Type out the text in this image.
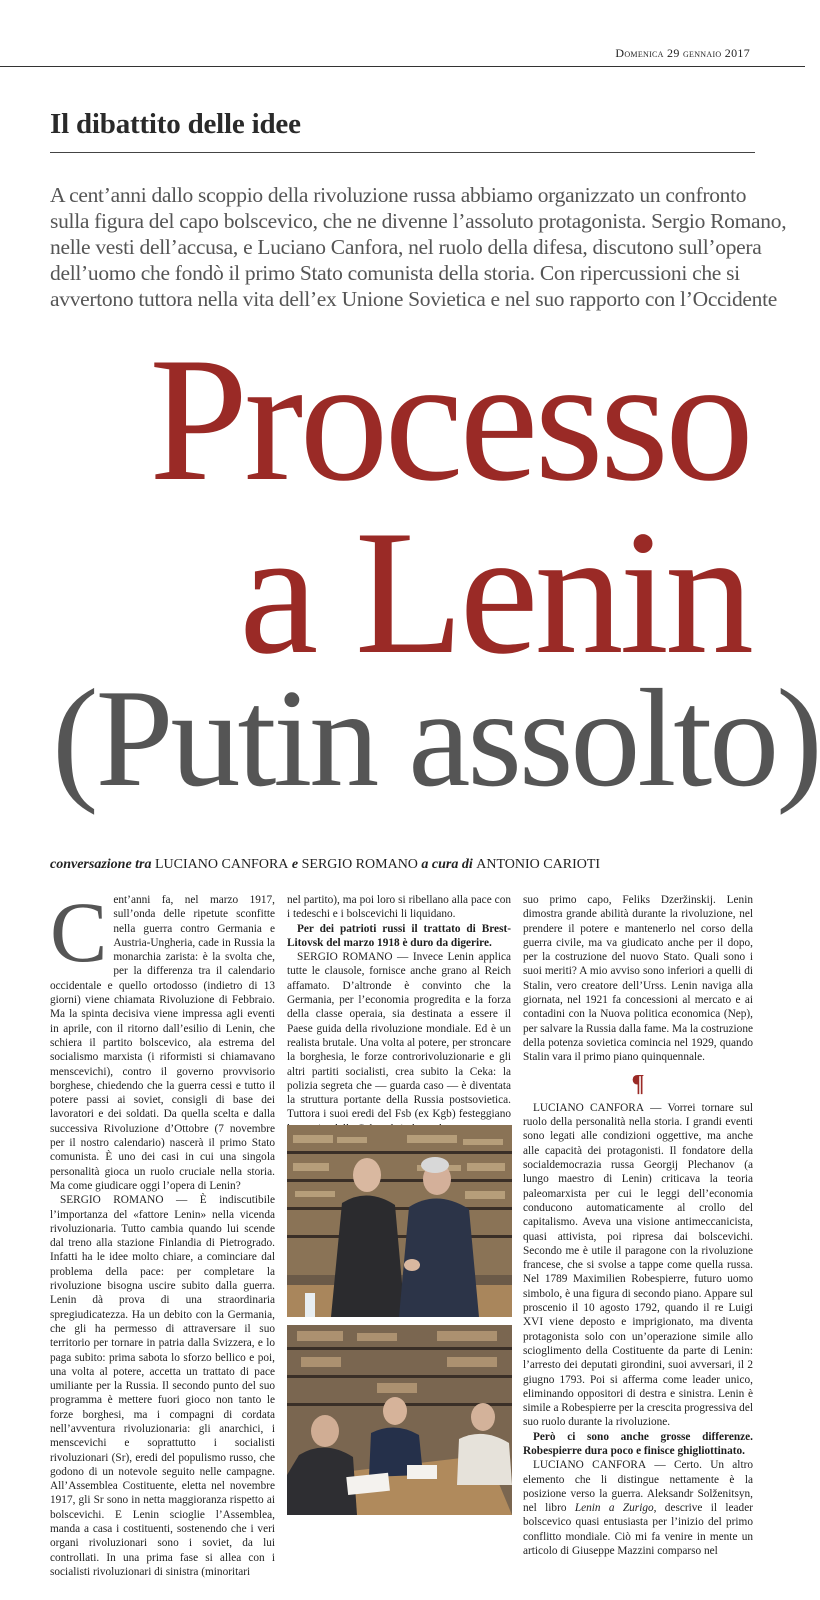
Domenica 29 gennaio 2017
Il dibattito delle idee
A cent’anni dallo scoppio della rivoluzione russa abbiamo organizzato un confronto
sulla figura del capo bolscevico, che ne divenne l’assoluto protagonista. Sergio Romano,
nelle vesti dell’accusa, e Luciano Canfora, nel ruolo della difesa, discutono sull’opera
dell’uomo che fondò il primo Stato comunista della storia. Con ripercussioni che si
avvertono tuttora nella vita dell’ex Unione Sovietica e nel suo rapporto con l’Occidente
Processo
a Lenin
(Putin assolto)
conversazione tra LUCIANO CANFORA e SERGIO ROMANO a cura di ANTONIO CARIOTI

Cent’anni fa, nel marzo 1917, sull’onda delle ripetute sconfitte nella guerra contro Germania e Austria-Ungheria, cade in Russia la monarchia zarista: è la svolta che, per la differenza tra il calendario occidentale e quello ortodosso (indietro di 13 giorni) viene chiamata Rivoluzione di Febbraio. Ma la spinta decisiva viene impressa agli eventi in aprile, con il ritorno dall’esilio di Lenin, che schiera il partito bolscevico, ala estrema del socialismo marxista (i riformisti si chiamavano menscevichi), contro il governo provvisorio borghese, chiedendo che la guerra cessi e tutto il potere passi ai soviet, consigli di base dei lavoratori e dei soldati. Da quella scelta e dalla successiva Rivoluzione d’Ottobre (7 novembre per il nostro calendario) nascerà il primo Stato comunista. È uno dei casi in cui una singola personalità gioca un ruolo cruciale nella storia. Ma come giudicare oggi l’opera di Lenin?

SERGIO ROMANO — È indiscutibile l’importanza del «fattore Lenin» nella vicenda rivoluzionaria. Tutto cambia quando lui scende dal treno alla stazione Finlandia di Pietrogrado. Infatti ha le idee molto chiare, a cominciare dal problema della pace: per completare la rivoluzione bisogna uscire subito dalla guerra. Lenin dà prova di una straordinaria spregiudicatezza. Ha un debito con la Germania, che gli ha permesso di attraversare il suo territorio per tornare in patria dalla Svizzera, e lo paga subito: prima sabota lo sforzo bellico e poi, una volta al potere, accetta un trattato di pace umiliante per la Russia. Il secondo punto del suo programma è mettere fuori gioco non tanto le forze borghesi, ma i compagni di cordata nell’avventura rivoluzionaria: gli anarchici, i menscevichi e soprattutto i socialisti rivoluzionari (Sr), eredi del populismo russo, che godono di un notevole seguito nelle campagne. All’Assemblea Costituente, eletta nel novembre 1917, gli Sr sono in netta maggioranza rispetto ai bolscevichi. E Lenin scioglie l’Assemblea, manda a casa i costituenti, sostenendo che i veri organi rivoluzionari sono i soviet, da lui controllati. In una prima fase si allea con i socialisti rivoluzionari di sinistra (minoritari

nel partito), ma poi loro si ribellano alla pace con i tedeschi e i bolscevichi li liquidano.

Per dei patrioti russi il trattato di Brest-Litovsk del marzo 1918 è duro da digerire.

SERGIO ROMANO — Invece Lenin applica tutte le clausole, fornisce anche grano al Reich affamato. D’altronde è convinto che la Germania, per l’economia progredita e la forza della classe operaia, sia destinata a essere il Paese guida della rivoluzione mondiale. Ed è un realista brutale. Una volta al potere, per stroncare la borghesia, le forze controrivoluzionarie e gli altri partiti socialisti, crea subito la Ceka: la polizia segreta che — guarda caso — è diventata la struttura portante della Russia postsovietica. Tuttora i suoi eredi del Fsb (ex Kgb) festeggiano

suo primo capo, Feliks Dzeržinskij. Lenin dimostra grande abilità durante la rivoluzione, nel prendere il potere e mantenerlo nel corso della guerra civile, ma va giudicato anche per il dopo, per la costruzione del nuovo Stato. Quali sono i suoi meriti? A mio avviso sono inferiori a quelli di Stalin, vero creatore dell’Urss. Lenin naviga alla giornata, nel 1921 fa concessioni al mercato e ai contadini con la Nuova politica economica (Nep), per salvare la Russia dalla fame. Ma la costruzione della potenza sovietica comincia nel 1929, quando Stalin vara il primo piano quinquennale.

¶

LUCIANO CANFORA — Vorrei tornare sul ruolo della personalità nella storia. I grandi eventi sono legati alle condizioni oggettive, ma anche alle capacità dei protagonisti. Il fondatore della socialdemocrazia russa Georgij Plechanov (a lungo maestro di Lenin) criticava la teoria paleomarxista per cui le leggi dell’economia conducono automaticamente al crollo del capitalismo. Aveva una visione antimeccanicista, quasi attivista, poi ripresa dai bolscevichi. Secondo me è utile il paragone con la rivoluzione francese, che si svolse a tappe come quella russa. Nel 1789 Maximilien Robespierre, futuro uomo simbolo, è una figura di secondo piano. Appare sul proscenio il 10 agosto 1792, quando il re Luigi XVI viene deposto e imprigionato, ma diventa protagonista solo con un’operazione simile allo scioglimento della Costituente da parte di Lenin: l’arresto dei deputati girondini, suoi avversari, il 2 giugno 1793. Poi si afferma come leader unico, eliminando oppositori di destra e sinistra. Lenin è simile a Robespierre per la crescita progressiva del suo ruolo durante la rivoluzione.

Però ci sono anche grosse differenze. Robespierre dura poco e finisce ghigliottinato.

LUCIANO CANFORA — Certo. Un altro elemento che li distingue nettamente è la posizione verso la guerra. Aleksandr Solženitsyn, nel libro Lenin a Zurigo, descrive il leader bolscevico quasi entusiasta per l’inizio del primo conflitto mondiale. Ciò mi fa venire in mente un articolo di Giuseppe Mazzini comparso nel
